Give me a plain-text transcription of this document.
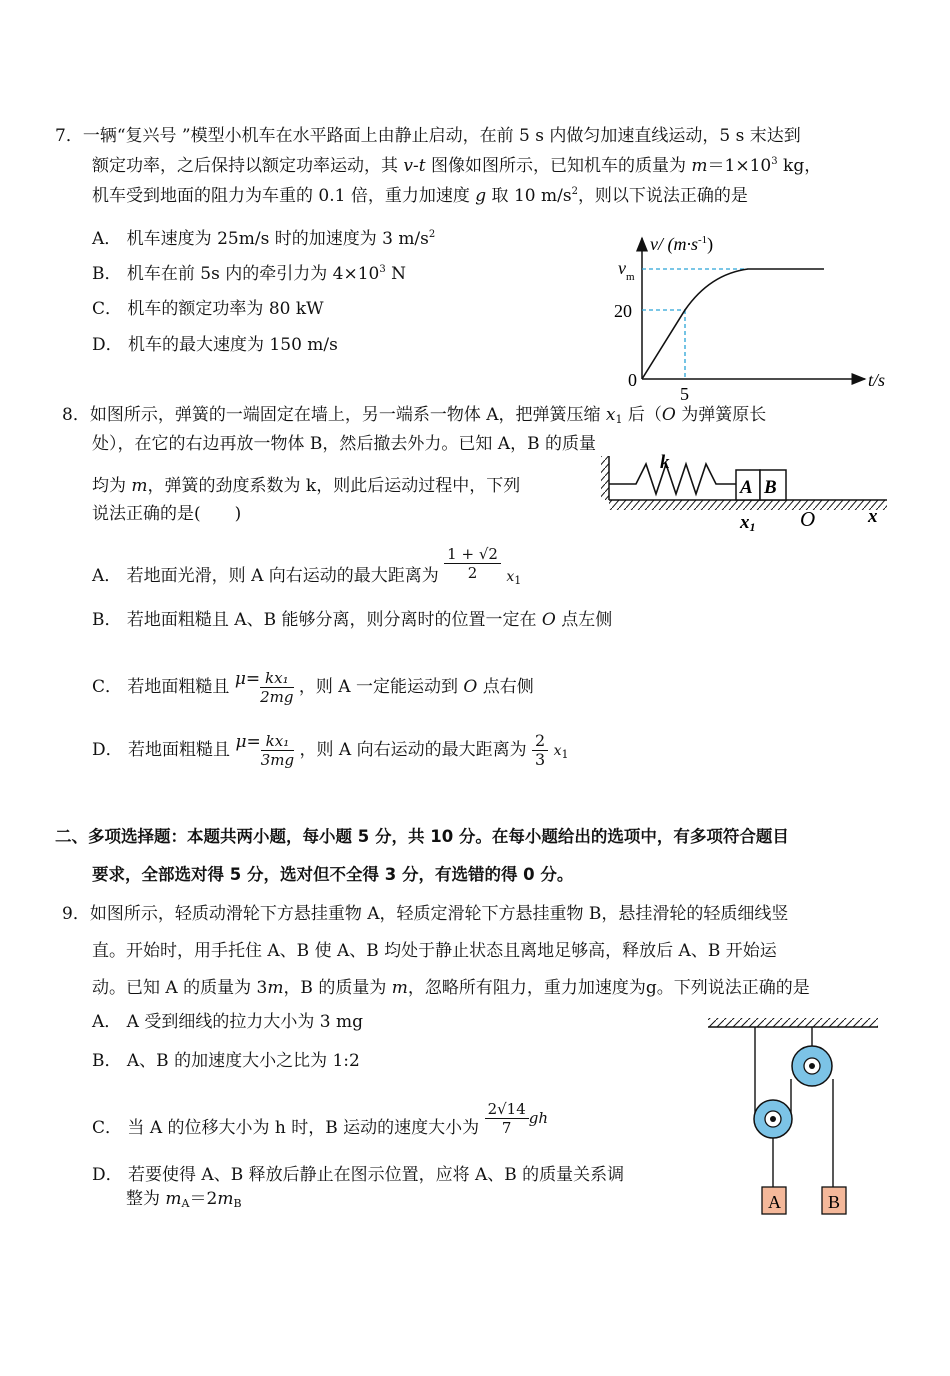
7．一辆“复兴号 ”模型小机车在水平路面上由静止启动，在前 5 s 内做匀加速直线运动，5 s 末达到
额定功率，之后保持以额定功率运动，其 v-t 图像如图所示，已知机车的质量为 $m=1\times 10^3$ kg，
机车受到地面的阻力为车重的 0.1 倍，重力加速度 g 取 10 $m/s^2$，则以下说法正确的是
A． 机车速度为 25m/s 时的加速度为 3 $m/s^2$
B． 机车在前 5s 内的牵引力为 $4\times 10^3$ N
C． 机车的额定功率为 80 kW
D． 机车的最大速度为 150 m/s
v/ $(m\cdot s^{-1})$
$v_m$
20
0
5
t/s
8．如图所示，弹簧的一端固定在墙上，另一端系一物体 A，把弹簧压缩 $x_1$ 后（O 为弹簧原长
处），在它的右边再放一物体 B，然后撤去外力。已知 A，B 的质量
均为 m，弹簧的劲度系数为 k，则此后运动过程中，下列
说法正确的是(　　)
k
A B
x1 O	x
A． 若地面光滑，则 A 向右运动的最大距离为 $\frac{1 + √2}{2} x_1$
B． 若地面粗糙且 A、B 能够分离，则分离时的位置一定在 O 点左侧
C． 若地面粗糙且 $\mu= \frac{\text{kx₁}}{2mg}$ ，则 A 一定能运动到 O 点右侧
D． 若地面粗糙且 $\mu= \frac{\text{kx₁}}{3mg}$ ，则 A 向右运动的最大距离为 $\frac{2}{3} x_1$
二、多项选择题：本题共两小题，每小题 5 分，共 10 分。在每小题给出的选项中，有多项符合题目
要求，全部选对得 5 分，选对但不全得 3 分，有选错的得 0 分。
9．如图所示，轻质动滑轮下方悬挂重物 A，轻质定滑轮下方悬挂重物 B，悬挂滑轮的轻质细线竖
直。开始时，用手托住 A、B 使 A、B 均处于静止状态且离地足够高，释放后 A、B 开始运
动。已知 A 的质量为 3m，B 的质量为 m，忽略所有阻力，重力加速度为g。下列说法正确的是
A． A 受到细线的拉力大小为 3 mg
B． A、B 的加速度大小之比为 1:2
C． 当 A 的位移大小为 h 时，B 运动的速度大小为 $\frac{2√14}{7}$ gh
D． 若要使得 A、B 释放后静止在图示位置，应将 A、B 的质量关系调
整为 $m_A=2m_B$	A	B
